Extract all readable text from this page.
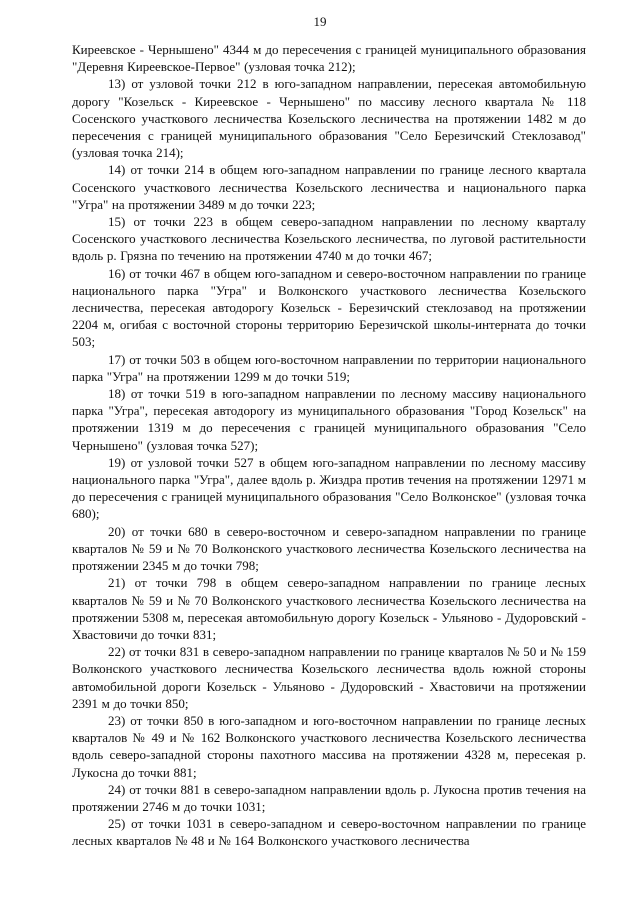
19

Киреевское - Чернышено" 4344 м до пересечения с границей муниципального образования "Деревня Киреевское-Первое" (узловая точка 212);

13) от узловой точки 212 в юго-западном направлении, пересекая автомобильную дорогу "Козельск - Киреевское - Чернышено" по массиву лесного квартала № 118 Сосенского участкового лесничества Козельского лесничества на протяжении 1482 м до пересечения с границей муниципального образования "Село Березичский Стеклозавод" (узловая точка 214);

14) от точки 214 в общем юго-западном направлении по границе лесного квартала Сосенского участкового лесничества Козельского лесничества и национального парка "Угра" на протяжении 3489 м до точки 223;

15) от точки 223 в общем северо-западном направлении по лесному кварталу Сосенского участкового лесничества Козельского лесничества, по луговой растительности вдоль р. Грязна по течению на протяжении 4740 м до точки 467;

16) от точки 467 в общем юго-западном и северо-восточном направлении по границе национального парка "Угра" и Волконского участкового лесничества Козельского лесничества, пересекая автодорогу Козельск - Березичский стеклозавод на протяжении 2204 м, огибая с восточной стороны территорию Березичской школы-интерната до точки 503;

17) от точки 503 в общем юго-восточном направлении по территории национального парка "Угра" на протяжении 1299 м до точки 519;

18) от точки 519 в юго-западном направлении по лесному массиву национального парка "Угра", пересекая автодорогу из муниципального образования "Город Козельск" на протяжении 1319 м до пересечения с границей муниципального образования "Село Чернышено" (узловая точка 527);

19) от узловой точки 527 в общем юго-западном направлении по лесному массиву национального парка "Угра", далее вдоль р. Жиздра против течения на протяжении 12971 м до пересечения с границей муниципального образования "Село Волконское" (узловая точка 680);

20) от точки 680 в северо-восточном и северо-западном направлении по границе кварталов № 59 и № 70 Волконского участкового лесничества Козельского лесничества на протяжении 2345 м до точки 798;

21) от точки 798 в общем северо-западном направлении по границе лесных кварталов № 59 и № 70 Волконского участкового лесничества Козельского лесничества на протяжении 5308 м, пересекая автомобильную дорогу Козельск - Ульяново - Дудоровский - Хвастовичи до точки 831;

22) от точки 831 в северо-западном направлении по границе кварталов № 50 и № 159 Волконского участкового лесничества Козельского лесничества вдоль южной стороны автомобильной дороги Козельск - Ульяново - Дудоровский - Хвастовичи на протяжении 2391 м до точки 850;

23) от точки 850 в юго-западном и юго-восточном направлении по границе лесных кварталов № 49 и № 162 Волконского участкового лесничества Козельского лесничества вдоль северо-западной стороны пахотного массива на протяжении 4328 м, пересекая р. Лукосна до точки 881;

24) от точки 881 в северо-западном направлении вдоль р. Лукосна против течения на протяжении 2746 м до точки 1031;

25) от точки 1031 в северо-западном и северо-восточном направлении по границе лесных кварталов № 48 и № 164 Волконского участкового лесничества
